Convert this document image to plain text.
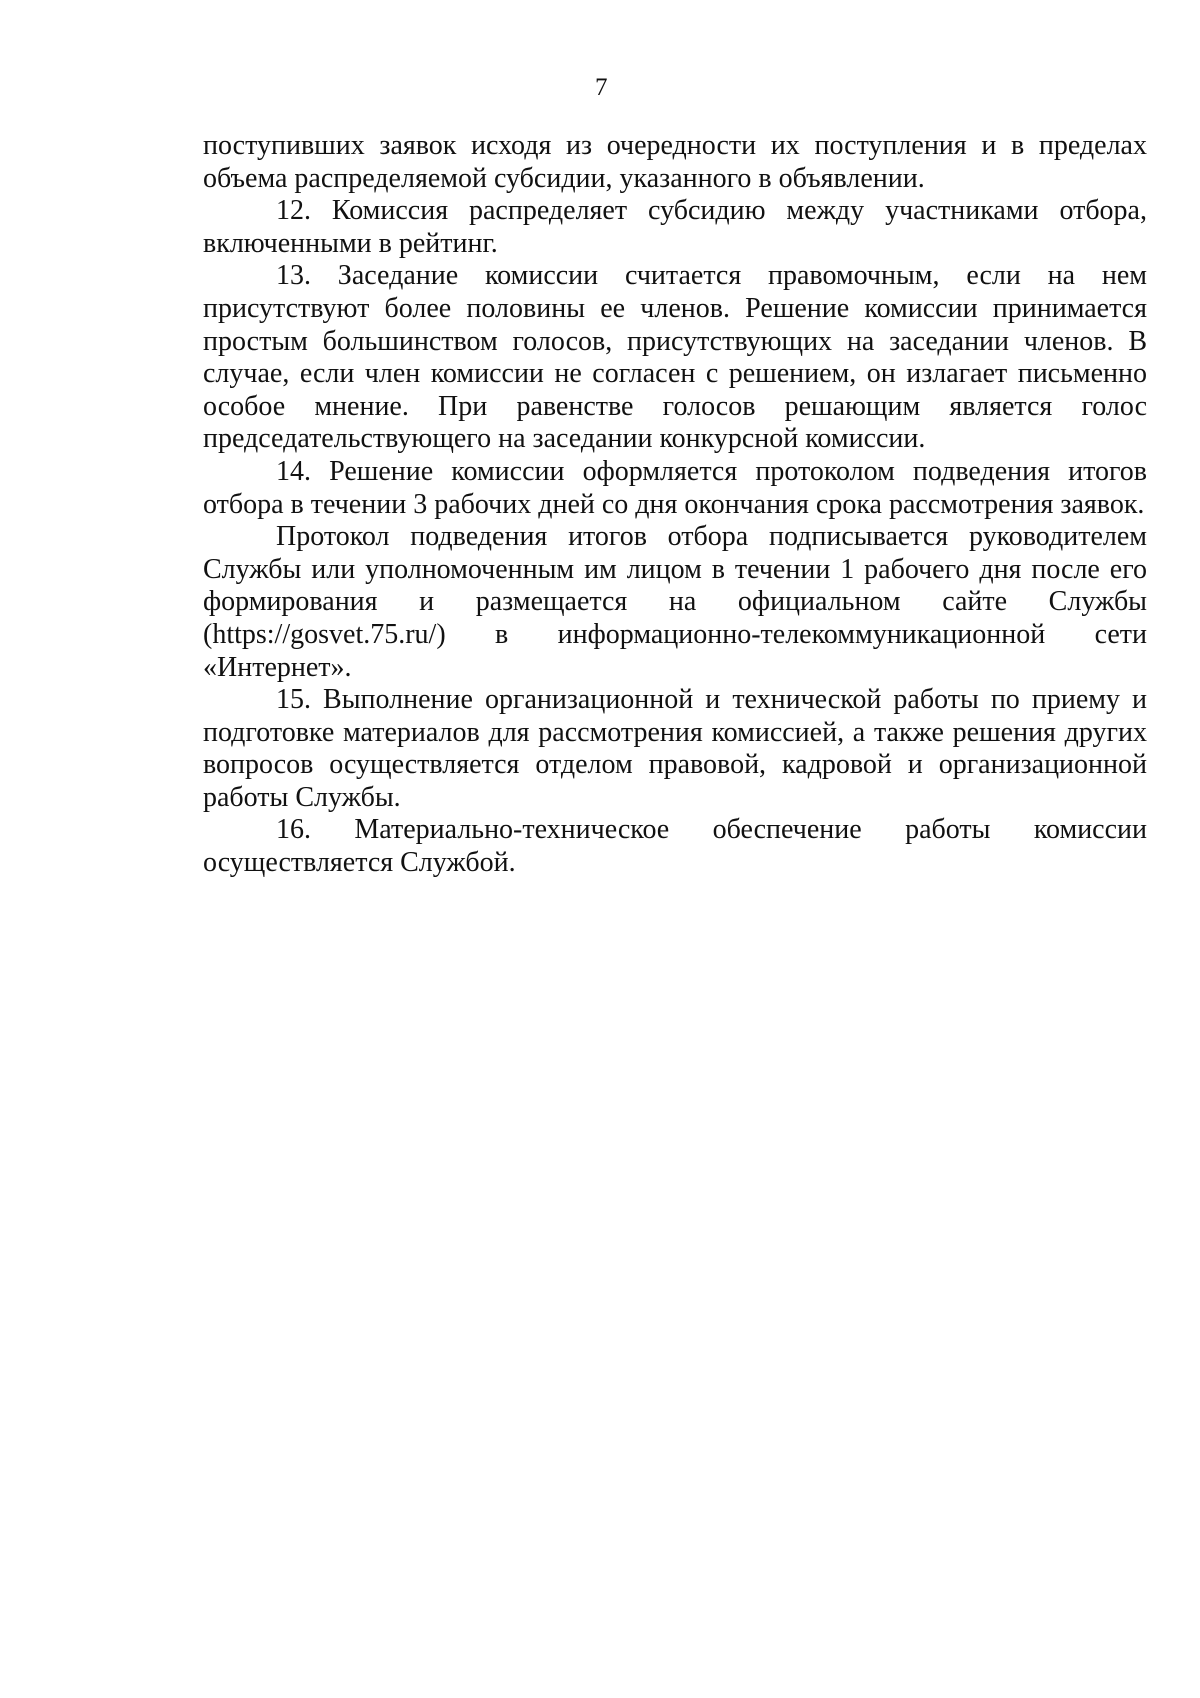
7

поступивших заявок исходя из очередности их поступления и в пределах объема распределяемой субсидии, указанного в объявлении.

12. Комиссия распределяет субсидию между участниками отбора, включенными в рейтинг.

13. Заседание комиссии считается правомочным, если на нем присутствуют более половины ее членов. Решение комиссии принимается простым большинством голосов, присутствующих на заседании членов. В случае, если член комиссии не согласен с решением, он излагает письменно особое мнение. При равенстве голосов решающим является голос председательствующего на заседании конкурсной комиссии.

14. Решение комиссии оформляется протоколом подведения итогов отбора в течении 3 рабочих дней со дня окончания срока рассмотрения заявок.

Протокол подведения итогов отбора подписывается руководителем Службы или уполномоченным им лицом в течении 1 рабочего дня после его формирования и размещается на официальном сайте Службы (https://gosvet.75.ru/) в информационно-телекоммуникационной сети «Интернет».

15. Выполнение организационной и технической работы по приему и подготовке материалов для рассмотрения комиссией, а также решения других вопросов осуществляется отделом правовой, кадровой и организационной работы Службы.

16. Материально-техническое обеспечение работы комиссии осуществляется Службой.
